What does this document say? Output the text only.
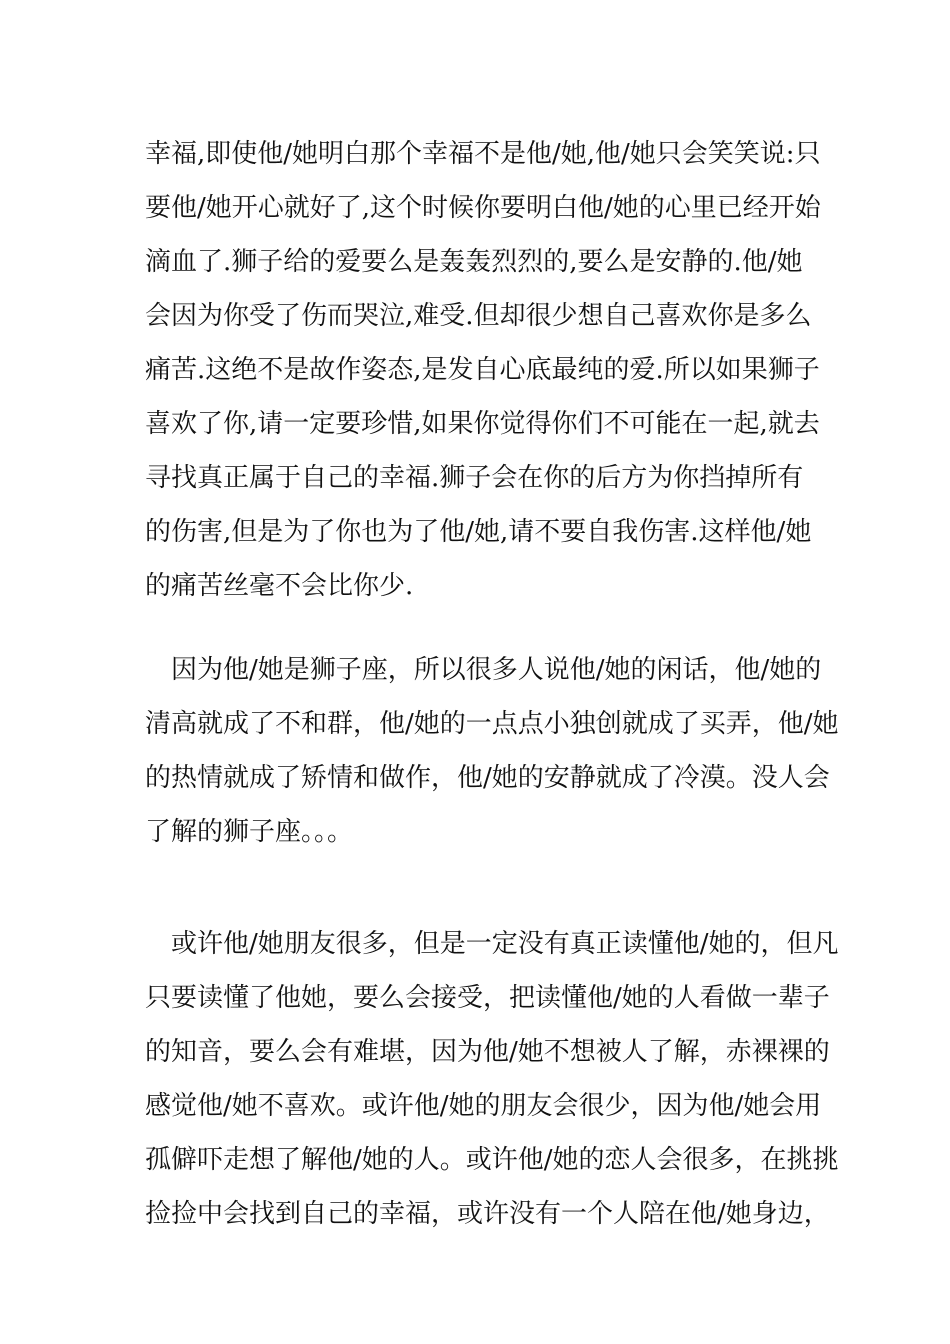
幸福,即使他/她明白那个幸福不是他/她,他/她只会笑笑说:只
要他/她开心就好了,这个时候你要明白他/她的心里已经开始
滴血了.狮子给的爱要么是轰轰烈烈的,要么是安静的.他/她
会因为你受了伤而哭泣,难受.但却很少想自己喜欢你是多么
痛苦.这绝不是故作姿态,是发自心底最纯的爱.所以如果狮子
喜欢了你,请一定要珍惜,如果你觉得你们不可能在一起,就去
寻找真正属于自己的幸福.狮子会在你的后方为你挡掉所有
的伤害,但是为了你也为了他/她,请不要自我伤害.这样他/她
的痛苦丝毫不会比你少.
　因为他/她是狮子座，所以很多人说他/她的闲话，他/她的
清高就成了不和群，他/她的一点点小独创就成了买弄，他/她
的热情就成了矫情和做作，他/她的安静就成了冷漠。没人会
了解的狮子座。。。
　或许他/她朋友很多，但是一定没有真正读懂他/她的，但凡
只要读懂了他她，要么会接受，把读懂他/她的人看做一辈子
的知音，要么会有难堪，因为他/她不想被人了解，赤裸裸的
感觉他/她不喜欢。或许他/她的朋友会很少，因为他/她会用
孤僻吓走想了解他/她的人。或许他/她的恋人会很多，在挑挑
捡捡中会找到自己的幸福，或许没有一个人陪在他/她身边，
